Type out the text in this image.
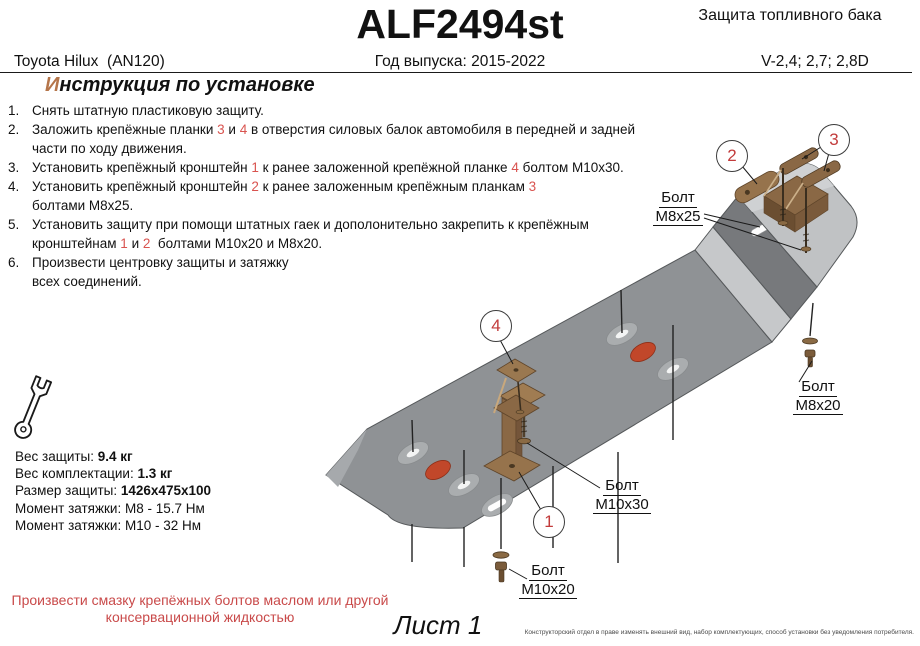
ALF2494st
Toyota Hilux  (AN120)	Год выпуска: 2015-2022
Защита топливного бака
V-2,4; 2,7; 2,8D
Инструкция по установке
1. Снять штатную пластиковую защиту.
2. Заложить крепёжные планки 3 и 4 в отверстия силовых балок автомобиля в передней и задней
части по ходу движения.
3. Установить крепёжный кронштейн 1 к ранее заложенной крепёжной планке 4 болтом М10х30.
4. Установить крепёжный кронштейн 2 к ранее заложенным крепёжным планкам 3
болтами М8х25.
5. Установить защиту при помощи штатных гаек и дополонительно закрепить к крепёжным
кронштейнам 1 и 2  болтами М10х20 и М8х20.
6. Произвести центровку защиты и затяжку
всех соединений.
1
2
3
4
Болт
М8х25
Болт
М8х20
Болт
М10х30
Болт
М10х20
Вес защиты: 9.4 кг
Вес комплектации: 1.3 кг
Размер защиты: 1426х475х100
Момент затяжки: М8 - 15.7 Нм
Момент затяжки: М10 - 32 Нм
Произвести смазку крепёжных болтов маслом или другой
консервационной жидкостью	Лист 1	Конструкторский отдел в праве изменять внешний вид, набор комплектующих, способ установки без уведомления потребителя.
